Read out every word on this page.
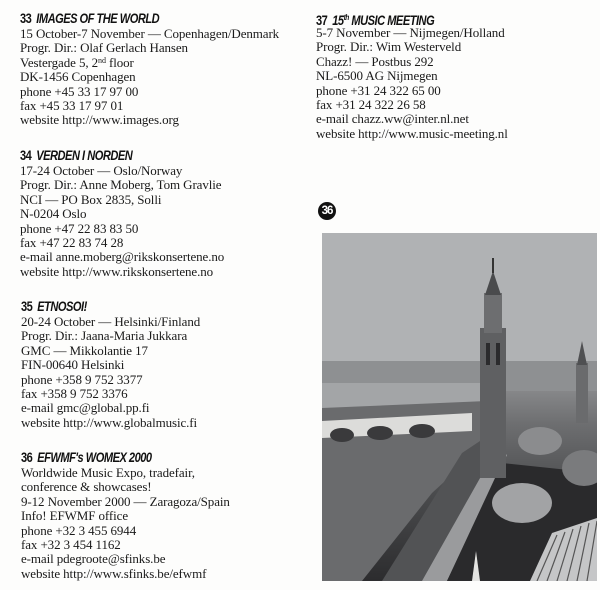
33 IMAGES OF THE WORLD
15 October-7 November — Copenhagen/Denmark
Progr. Dir.: Olaf Gerlach Hansen
Vestergade 5, 2nd floor
DK-1456 Copenhagen
phone +45 33 17 97 00
fax +45 33 17 97 01
website http://www.images.org
34 VERDEN I NORDEN
17-24 October — Oslo/Norway
Progr. Dir.: Anne Moberg, Tom Gravlie
NCI — PO Box 2835, Solli
N-0204 Oslo
phone +47 22 83 83 50
fax +47 22 83 74 28
e-mail anne.moberg@rikskonsertene.no
website http://www.rikskonsertene.no
35 ETNOSOI!
20-24 October — Helsinki/Finland
Progr. Dir.: Jaana-Maria Jukkara
GMC — Mikkolantie 17
FIN-00640 Helsinki
phone +358 9 752 3377
fax +358 9 752 3376
e-mail gmc@global.pp.fi
website http://www.globalmusic.fi
36 EFWMF's WOMEX 2000
Worldwide Music Expo, tradefair,
conference & showcases!
9-12 November 2000 — Zaragoza/Spain
Info! EFWMF office
phone +32 3 455 6944
fax +32 3 454 1162
e-mail pdegroote@sfinks.be
website http://www.sfinks.be/efwmf
37 15th MUSIC MEETING
5-7 November — Nijmegen/Holland
Progr. Dir.: Wim Westerveld
Chazz! — Postbus 292
NL-6500 AG Nijmegen
phone +31 24 322 65 00
fax +31 24 322 26 58
e-mail chazz.ww@inter.nl.net
website http://www.music-meeting.nl
36
